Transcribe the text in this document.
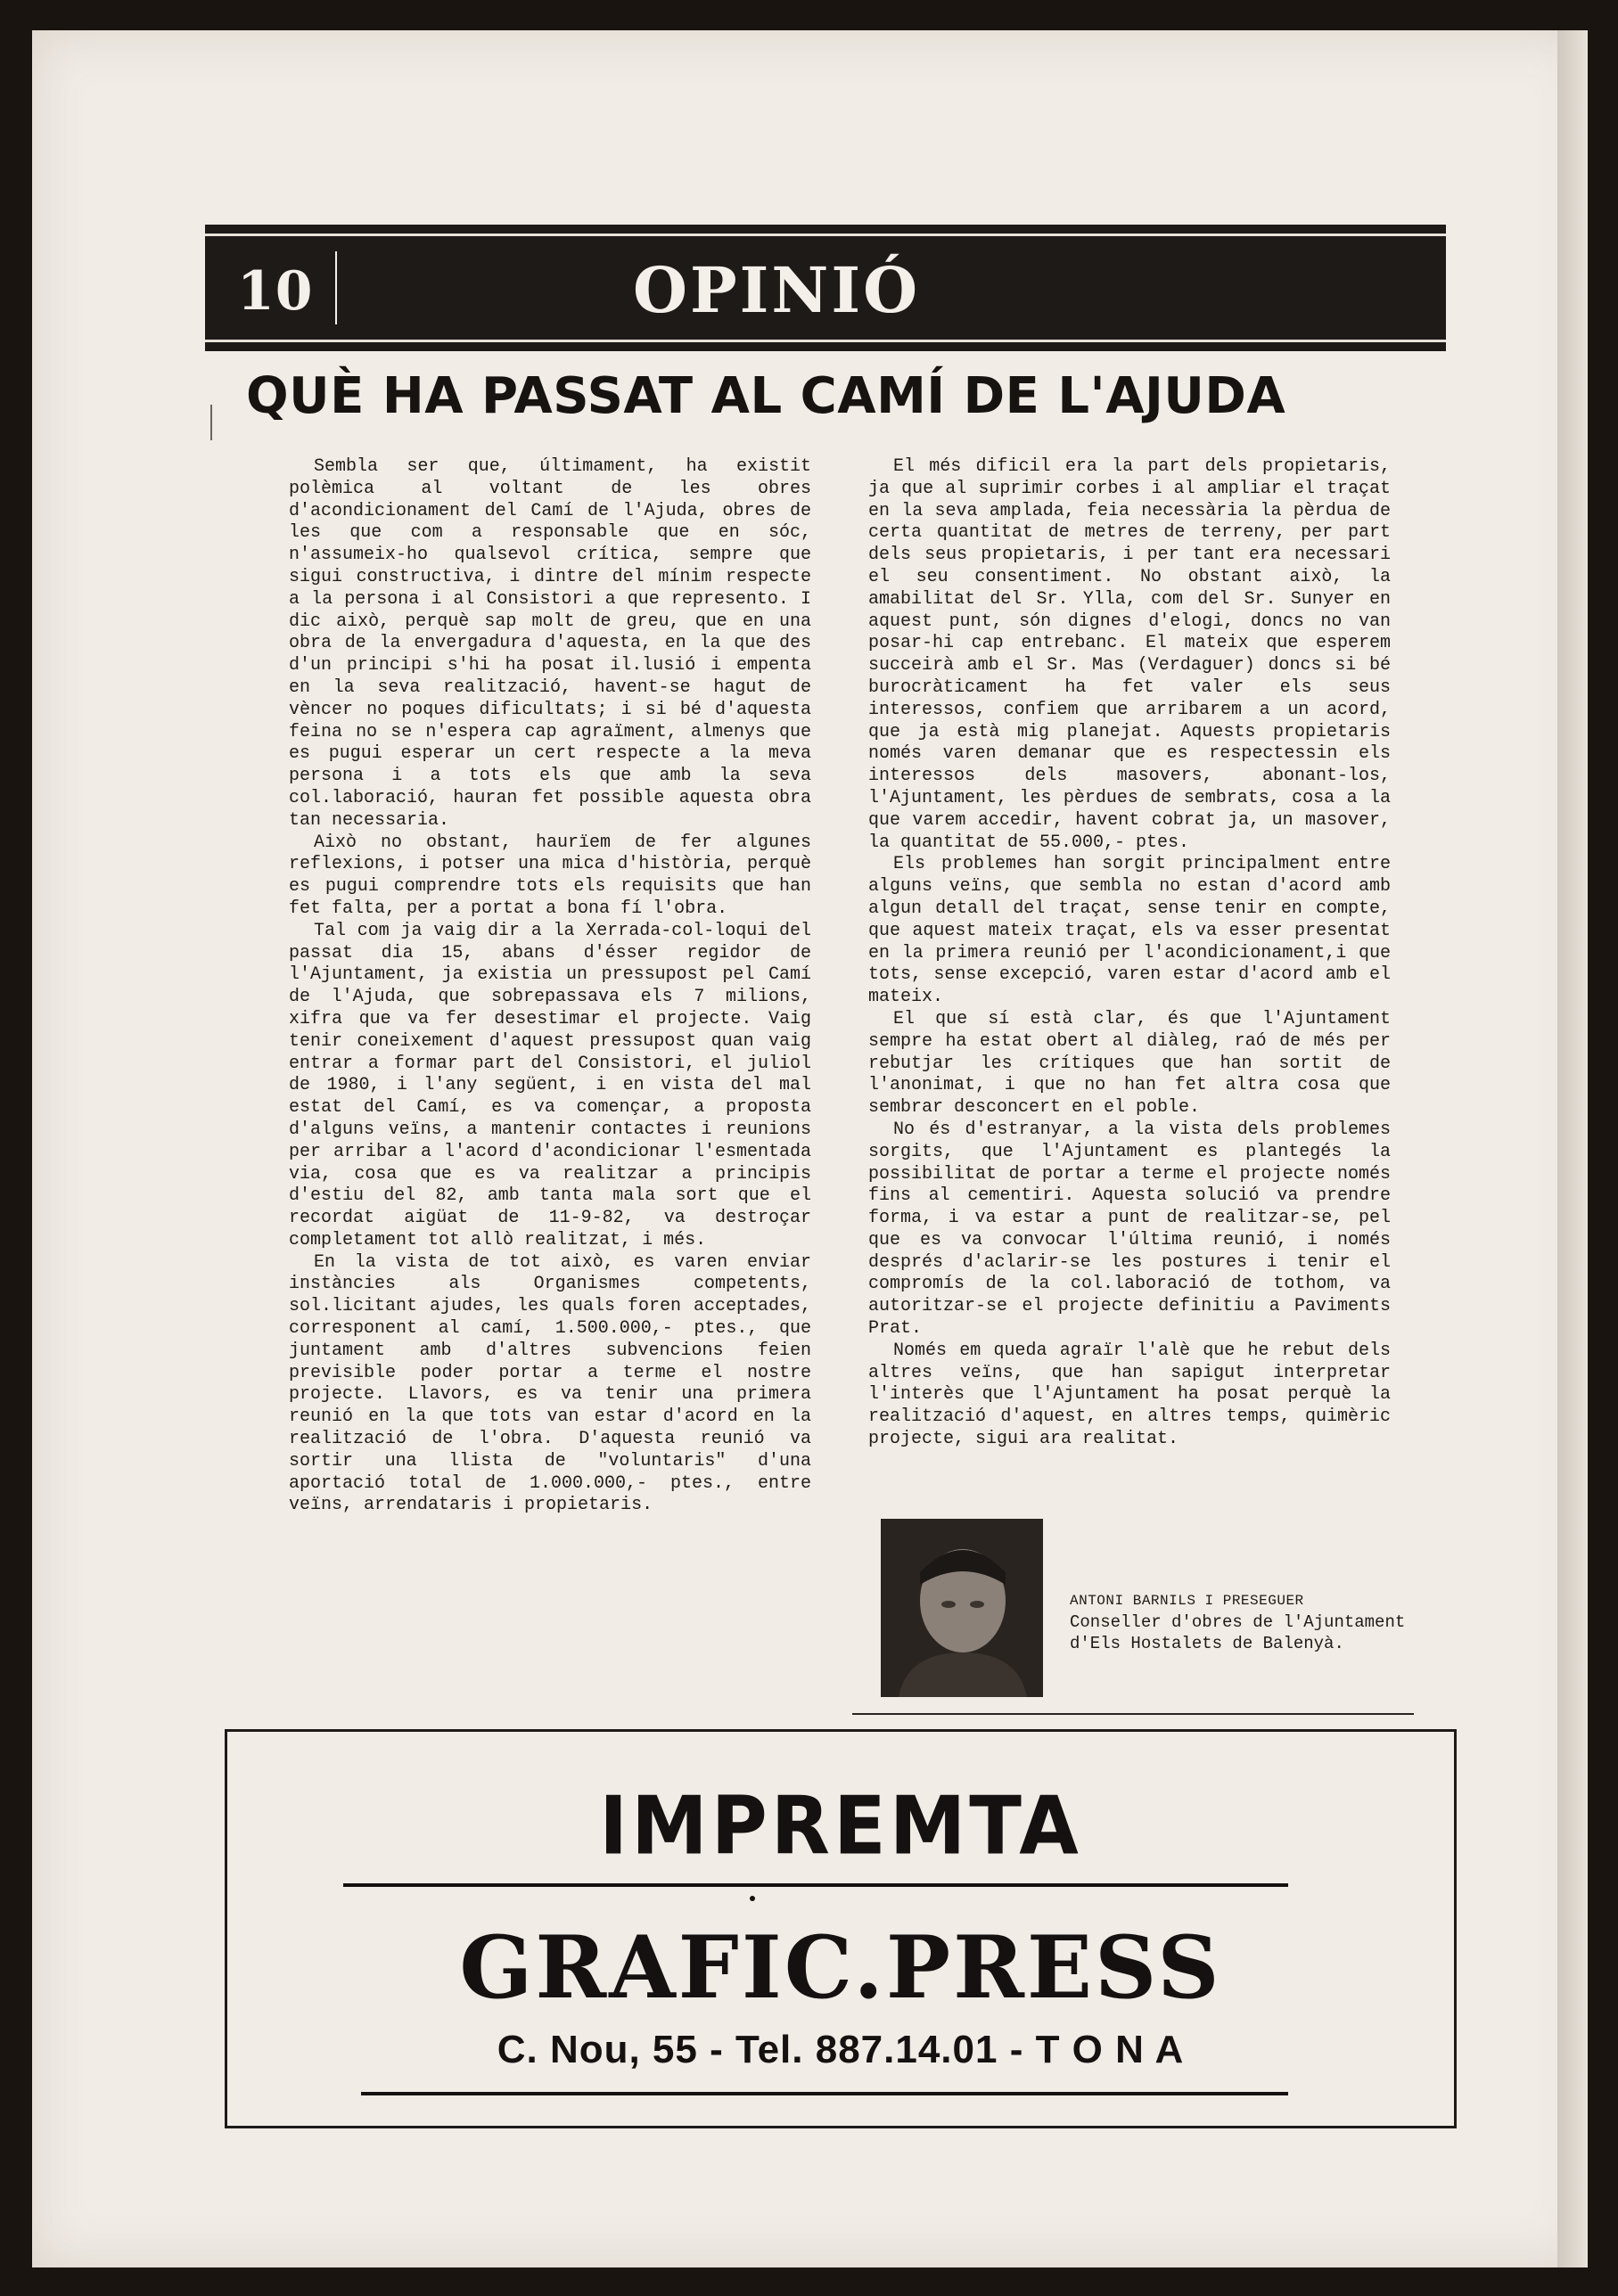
10	OPINIÓ
QUÈ HA PASSAT AL CAMÍ DE L'AJUDA

Sembla ser que, últimament, ha existit polèmica al voltant de les obres d'acondicionament del Camí de l'Ajuda, obres de les que com a responsable que en sóc, n'assumeix-ho qualsevol crítica, sempre que sigui constructiva, i dintre del mínim respecte a la persona i al Consistori a que represento. I dic això, perquè sap molt de greu, que en una obra de la envergadura d'aquesta, en la que des d'un principi s'hi ha posat il.lusió i empenta en la seva realització, havent-se hagut de vèncer no poques dificultats; i si bé d'aquesta feina no se n'espera cap agraïment, almenys que es pugui esperar un cert respecte a la meva persona i a tots els que amb la seva col.laboració, hauran fet possible aquesta obra tan necessaria.

Això no obstant, haurïem de fer algunes reflexions, i potser una mica d'història, perquè es pugui comprendre tots els requisits que han fet falta, per a portat a bona fí l'obra.

Tal com ja vaig dir a la Xerrada-col-loqui del passat dia 15, abans d'ésser regidor de l'Ajuntament, ja existia un pressupost pel Camí de l'Ajuda, que sobrepassava els 7 milions, xifra que va fer desestimar el projecte. Vaig tenir coneixement d'aquest pressupost quan vaig entrar a formar part del Consistori, el juliol de 1980, i l'any següent, i en vista del mal estat del Camí, es va començar, a proposta d'alguns veïns, a mantenir contactes i reunions per arribar a l'acord d'acondicionar l'esmentada via, cosa que es va realitzar a principis d'estiu del 82, amb tanta mala sort que el recordat aigüat de 11-9-82, va destroçar completament tot allò realitzat, i més.

En la vista de tot això, es varen enviar instàncies als Organismes competents, sol.licitant ajudes, les quals foren acceptades, corresponent al camí, 1.500.000,- ptes., que juntament amb d'altres subvencions feien previsible poder portar a terme el nostre projecte. Llavors, es va tenir una primera reunió en la que tots van estar d'acord en la realització de l'obra. D'aquesta reunió va sortir una llista de "voluntaris" d'una aportació total de 1.000.000,- ptes., entre veïns, arrendataris i propietaris.

El més dificil era la part dels propietaris, ja que al suprimir corbes i al ampliar el traçat en la seva amplada, feia necessària la pèrdua de certa quantitat de metres de terreny, per part dels seus propietaris, i per tant era necessari el seu consentiment. No obstant això, la amabilitat del Sr. Ylla, com del Sr. Sunyer en aquest punt, són dignes d'elogi, doncs no van posar-hi cap entrebanc. El mateix que esperem succeirà amb el Sr. Mas (Verdaguer) doncs si bé burocràticament ha fet valer els seus interessos, confiem que arribarem a un acord, que ja està mig planejat. Aquests propietaris només varen demanar que es respectessin els interessos dels masovers, abonant-los, l'Ajuntament, les pèrdues de sembrats, cosa a la que varem accedir, havent cobrat ja, un masover, la quantitat de 55.000,- ptes.

Els problemes han sorgit principalment entre alguns veïns, que sembla no estan d'acord amb algun detall del traçat, sense tenir en compte, que aquest mateix traçat, els va esser presentat en la primera reunió per l'acondicionament,i que tots, sense excepció, varen estar d'acord amb el mateix.

El que sí està clar, és que l'Ajuntament sempre ha estat obert al diàleg, raó de més per rebutjar les crítiques que han sortit de l'anonimat, i que no han fet altra cosa que sembrar desconcert en el poble.

No és d'estranyar, a la vista dels problemes sorgits, que l'Ajuntament es plantegés la possibilitat de portar a terme el projecte només fins al cementiri. Aquesta solució va prendre forma, i va estar a punt de realitzar-se, pel que es va convocar l'última reunió, i només després d'aclarir-se les postures i tenir el compromís de la col.laboració de tothom, va autoritzar-se el projecte definitiu a Paviments Prat.

Només em queda agraïr l'alè que he rebut dels altres veïns, que han sapigut interpretar l'interès que l'Ajuntament ha posat perquè la realització d'aquest, en altres temps, quimèric projecte, sigui ara realitat.

ANTONI BARNILS I PRESEGUER
Conseller d'obres de l'Ajuntament d'Els Hostalets de Balenyà.
IMPREMTA
GRAFIC.PRESS
C. Nou, 55 - Tel. 887.14.01 - T O N A
